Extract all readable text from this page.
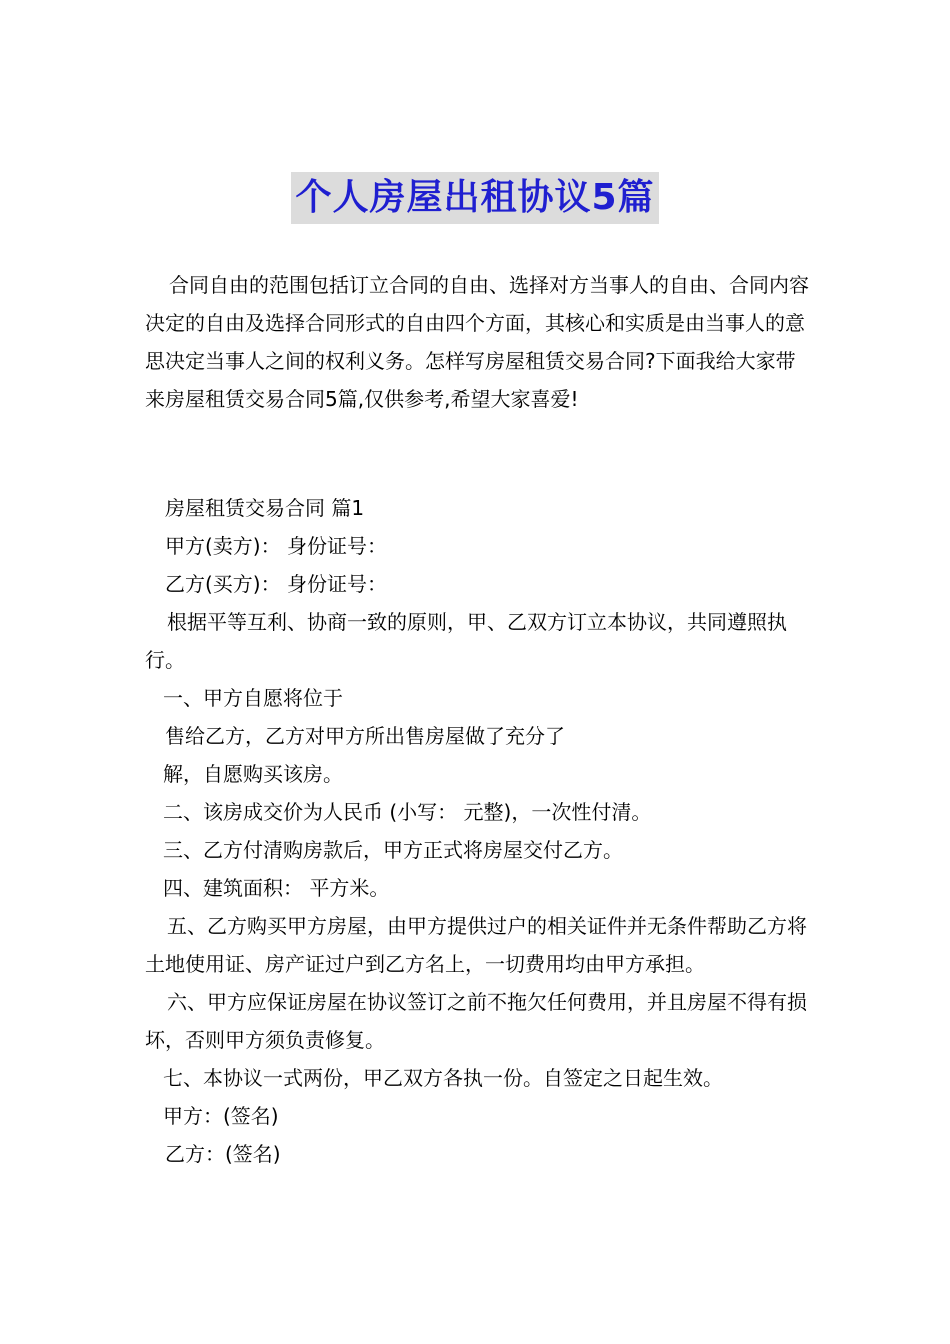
个人房屋出租协议5篇

合同自由的范围包括订立合同的自由、选择对方当事人的自由、合同内容决定的自由及选择合同形式的自由四个方面，其核心和实质是由当事人的意思决定当事人之间的权利义务。怎样写房屋租赁交易合同?下面我给大家带来房屋租赁交易合同5篇,仅供参考,希望大家喜爱!

房屋租赁交易合同 篇1

甲方(卖方)： 身份证号：

乙方(买方)： 身份证号：

根据平等互利、协商一致的原则，甲、乙双方订立本协议，共同遵照执行。

一、甲方自愿将位于

售给乙方，乙方对甲方所出售房屋做了充分了

解，自愿购买该房。

二、该房成交价为人民币 (小写： 元整)，一次性付清。

三、乙方付清购房款后，甲方正式将房屋交付乙方。

四、建筑面积： 平方米。

五、乙方购买甲方房屋，由甲方提供过户的相关证件并无条件帮助乙方将土地使用证、房产证过户到乙方名上，一切费用均由甲方承担。

六、甲方应保证房屋在协议签订之前不拖欠任何费用，并且房屋不得有损坏，否则甲方须负责修复。

七、本协议一式两份，甲乙双方各执一份。自签定之日起生效。

甲方：(签名)

乙方：(签名)
